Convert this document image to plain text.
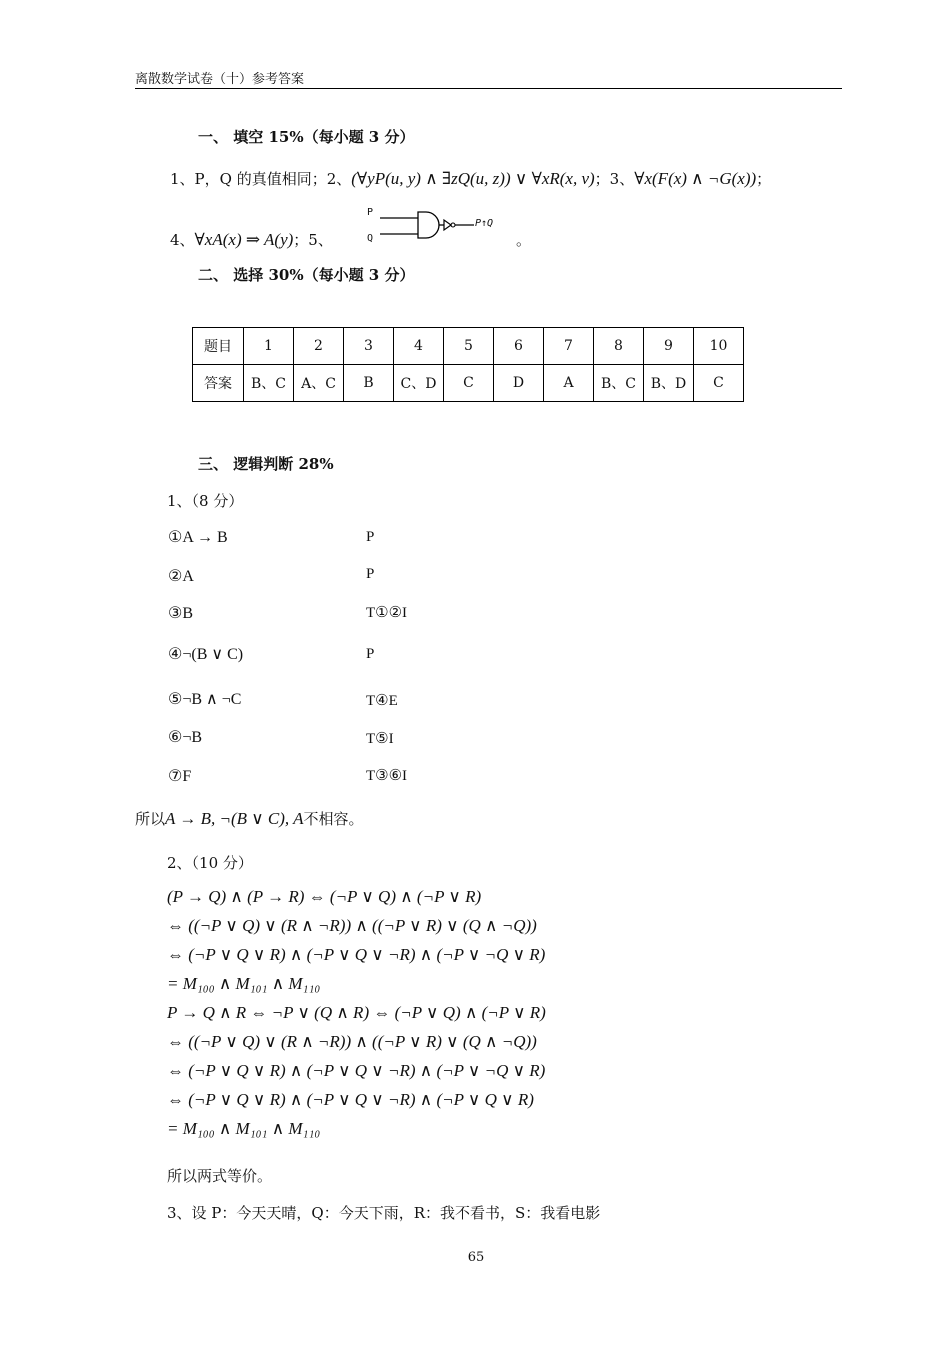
离散数学试卷（十）参考答案
一、 填空 15%（每小题 3 分）
1、P，Q 的真值相同；2、(∀yP(u, y) ∧ ∃zQ(u, z)) ∨ ∀xR(x, v)；3、∀x(F(x) ∧ ¬G(x))；
4、∀xA(x) ⇒ A(y)；5、
P
Q
P↑Q
。
二、 选择 30%（每小题 3 分）
题目	1	2	3	4	5	6	7	8	9	10
答案	B、C	A、C	B	C、D	C	D	A	B、C	B、D	C
三、 逻辑判断 28%
1、（8 分）
①A → B	P
②A	P
③B	T①②I
④¬(B ∨ C)	P
⑤¬B ∧ ¬C	T④E
⑥¬B	T⑤I
⑦F	T③⑥I
所以A → B, ¬(B ∨ C), A不相容。
2、（10 分）
(P → Q) ∧ (P → R) ⇔ (¬P ∨ Q) ∧ (¬P ∨ R)
⇔ ((¬P ∨ Q) ∨ (R ∧ ¬R)) ∧ ((¬P ∨ R) ∨ (Q ∧ ¬Q))
⇔ (¬P ∨ Q ∨ R) ∧ (¬P ∨ Q ∨ ¬R) ∧ (¬P ∨ ¬Q ∨ R)
= M₁₀₀ ∧ M₁₀₁ ∧ M₁₁₀
P → Q ∧ R ⇔ ¬P ∨ (Q ∧ R) ⇔ (¬P ∨ Q) ∧ (¬P ∨ R)
⇔ ((¬P ∨ Q) ∨ (R ∧ ¬R)) ∧ ((¬P ∨ R) ∨ (Q ∧ ¬Q))
⇔ (¬P ∨ Q ∨ R) ∧ (¬P ∨ Q ∨ ¬R) ∧ (¬P ∨ ¬Q ∨ R)
⇔ (¬P ∨ Q ∨ R) ∧ (¬P ∨ Q ∨ ¬R) ∧ (¬P ∨ Q ∨ R)
= M₁₀₀ ∧ M₁₀₁ ∧ M₁₁₀
所以两式等价。
3、设 P：今天天晴，Q：今天下雨，R：我不看书，S：我看电影
65
